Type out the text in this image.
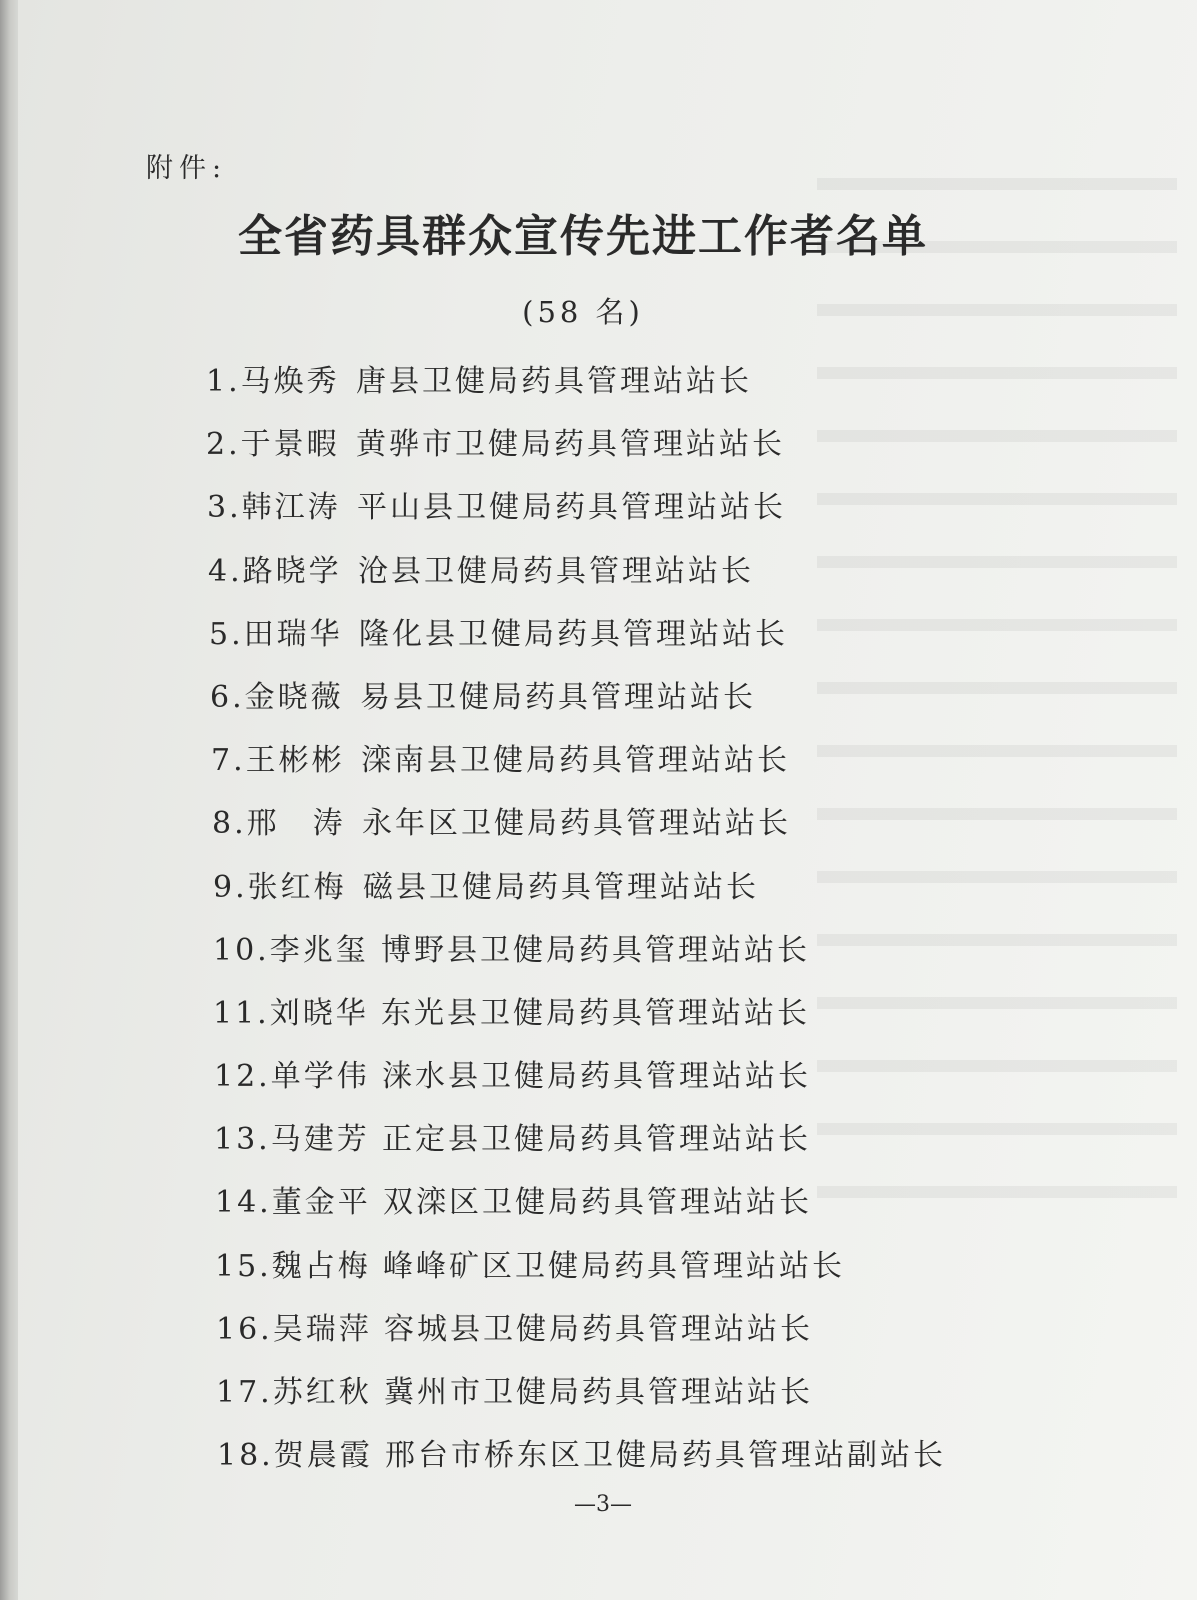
附件:
全省药具群众宣传先进工作者名单
(58 名)
1.马焕秀 唐县卫健局药具管理站站长
2.于景暇 黄骅市卫健局药具管理站站长
3.韩江涛 平山县卫健局药具管理站站长
4.路晓学 沧县卫健局药具管理站站长
5.田瑞华 隆化县卫健局药具管理站站长
6.金晓薇 易县卫健局药具管理站站长
7.王彬彬 滦南县卫健局药具管理站站长
8.邢　涛 永年区卫健局药具管理站站长
9.张红梅 磁县卫健局药具管理站站长
10.李兆玺 博野县卫健局药具管理站站长
11.刘晓华 东光县卫健局药具管理站站长
12.单学伟 涞水县卫健局药具管理站站长
13.马建芳 正定县卫健局药具管理站站长
14.董金平 双滦区卫健局药具管理站站长
15.魏占梅 峰峰矿区卫健局药具管理站站长
16.吴瑞萍 容城县卫健局药具管理站站长
17.苏红秋 冀州市卫健局药具管理站站长
18.贺晨霞 邢台市桥东区卫健局药具管理站副站长
—3—
